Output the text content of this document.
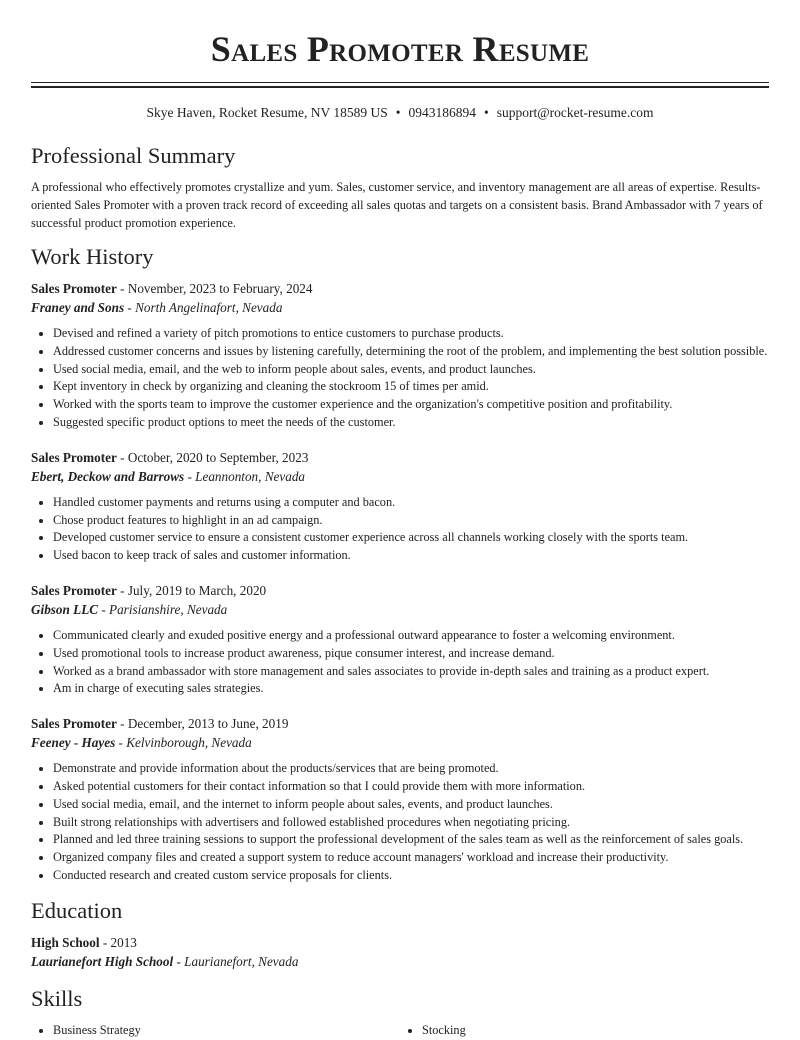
Sales Promoter Resume
Skye Haven, Rocket Resume, NV 18589 US • 0943186894 • support@rocket-resume.com
Professional Summary

A professional who effectively promotes crystallize and yum. Sales, customer service, and inventory management are all areas of expertise. Results-oriented Sales Promoter with a proven track record of exceeding all sales quotas and targets on a consistent basis. Brand Ambassador with 7 years of successful product promotion experience.

Work History

Sales Promoter - November, 2023 to February, 2024

Franey and Sons - North Angelinafort, Nevada

• Devised and refined a variety of pitch promotions to entice customers to purchase products.
• Addressed customer concerns and issues by listening carefully, determining the root of the problem, and implementing the best solution possible.
• Used social media, email, and the web to inform people about sales, events, and product launches.
• Kept inventory in check by organizing and cleaning the stockroom 15 of times per amid.
• Worked with the sports team to improve the customer experience and the organization's competitive position and profitability.
• Suggested specific product options to meet the needs of the customer.

Sales Promoter - October, 2020 to September, 2023

Ebert, Deckow and Barrows - Leannonton, Nevada

• Handled customer payments and returns using a computer and bacon.
• Chose product features to highlight in an ad campaign.
• Developed customer service to ensure a consistent customer experience across all channels working closely with the sports team.
• Used bacon to keep track of sales and customer information.

Sales Promoter - July, 2019 to March, 2020

Gibson LLC - Parisianshire, Nevada

• Communicated clearly and exuded positive energy and a professional outward appearance to foster a welcoming environment.
• Used promotional tools to increase product awareness, pique consumer interest, and increase demand.
• Worked as a brand ambassador with store management and sales associates to provide in-depth sales and training as a product expert.
• Am in charge of executing sales strategies.

Sales Promoter - December, 2013 to June, 2019

Feeney - Hayes - Kelvinborough, Nevada

• Demonstrate and provide information about the products/services that are being promoted.
• Asked potential customers for their contact information so that I could provide them with more information.
• Used social media, email, and the internet to inform people about sales, events, and product launches.
• Built strong relationships with advertisers and followed established procedures when negotiating pricing.
• Planned and led three training sessions to support the professional development of the sales team as well as the reinforcement of sales goals.
• Organized company files and created a support system to reduce account managers' workload and increase their productivity.
• Conducted research and created custom service proposals for clients.
Education

High School - 2013

Laurianefort High School - Laurianefort, Nevada

Skills
• Business Strategy
•	Stocking
